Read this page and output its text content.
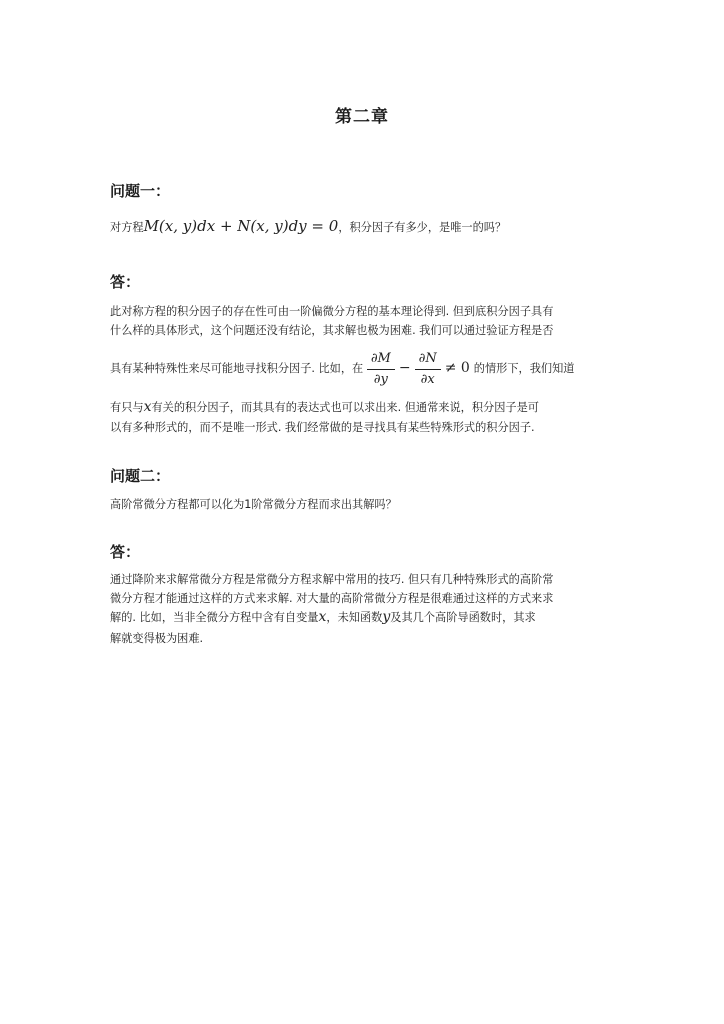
第二章
问题一：
对方程M(x, y)dx + N(x, y)dy = 0，积分因子有多少，是唯一的吗？
答：
此对称方程的积分因子的存在性可由一阶偏微分方程的基本理论得到. 但到底积分因子具有
什么样的具体形式，这个问题还没有结论，其求解也极为困难. 我们可以通过验证方程是否
具有某种特殊性来尽可能地寻找积分因子. 比如，在 $\frac{\partial M}{\partial y} - \frac{\partial N}{\partial x} \ne 0$ 的情形下，我们知道
有只与x有关的积分因子，而其具有的表达式也可以求出来. 但通常来说，积分因子是可
以有多种形式的，而不是唯一形式. 我们经常做的是寻找具有某些特殊形式的积分因子.
问题二：
高阶常微分方程都可以化为1阶常微分方程而求出其解吗？
答：
通过降阶来求解常微分方程是常微分方程求解中常用的技巧. 但只有几种特殊形式的高阶常
微分方程才能通过这样的方式来求解. 对大量的高阶常微分方程是很难通过这样的方式来求
解的. 比如，当非全微分方程中含有自变量x，未知函数y及其几个高阶导函数时，其求
解就变得极为困难.
